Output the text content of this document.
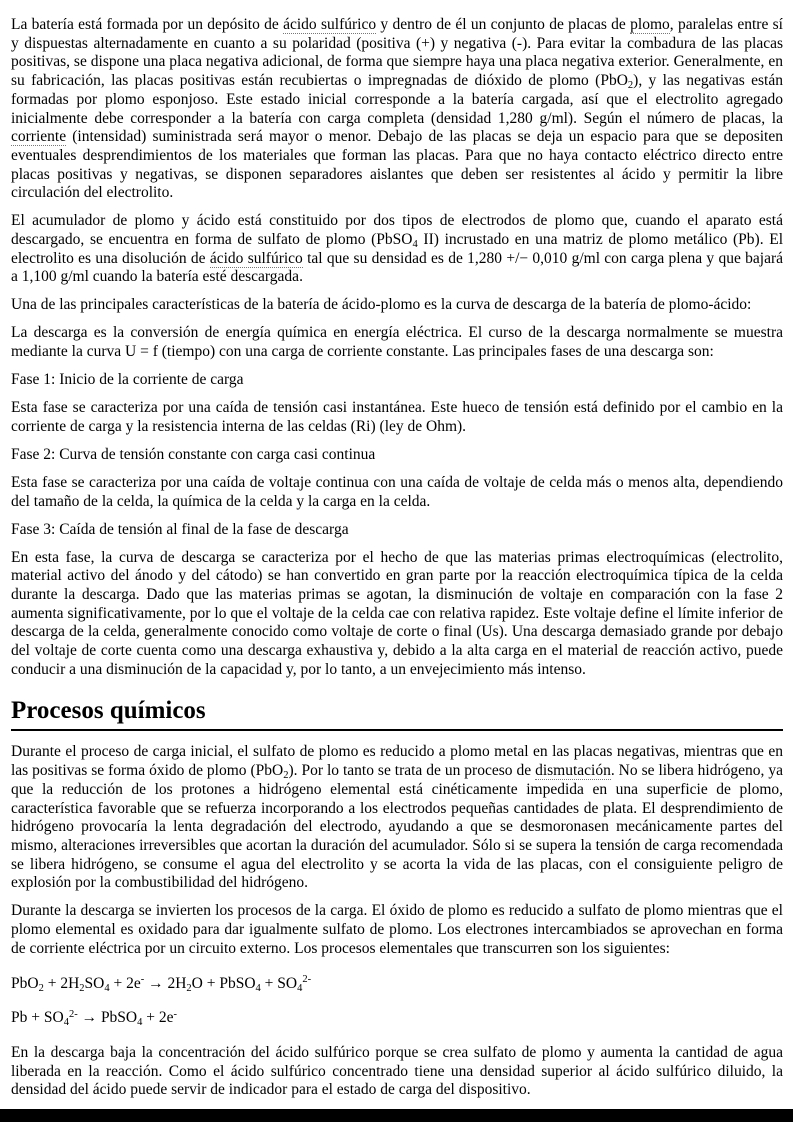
La batería está formada por un depósito de ácido sulfúrico y dentro de él un conjunto de placas de plomo, paralelas entre sí y dispuestas alternadamente en cuanto a su polaridad (positiva (+) y negativa (-). Para evitar la combadura de las placas positivas, se dispone una placa negativa adicional, de forma que siempre haya una placa negativa exterior. Generalmente, en su fabricación, las placas positivas están recubiertas o impregnadas de dióxido de plomo (PbO$_2$), y las negativas están formadas por plomo esponjoso. Este estado inicial corresponde a la batería cargada, así que el electrolito agregado inicialmente debe corresponder a la batería con carga completa (densidad 1,280 g/ml). Según el número de placas, la corriente (intensidad) suministrada será mayor o menor. Debajo de las placas se deja un espacio para que se depositen eventuales desprendimientos de los materiales que forman las placas. Para que no haya contacto eléctrico directo entre placas positivas y negativas, se disponen separadores aislantes que deben ser resistentes al ácido y permitir la libre circulación del electrolito.

El acumulador de plomo y ácido está constituido por dos tipos de electrodos de plomo que, cuando el aparato está descargado, se encuentra en forma de sulfato de plomo (PbSO$_4$ II) incrustado en una matriz de plomo metálico (Pb). El electrolito es una disolución de ácido sulfúrico tal que su densidad es de 1,280 +/− 0,010 g/ml con carga plena y que bajará a 1,100 g/ml cuando la batería esté descargada.

Una de las principales características de la batería de ácido-plomo es la curva de descarga de la batería de plomo-ácido:

La descarga es la conversión de energía química en energía eléctrica. El curso de la descarga normalmente se muestra mediante la curva U = f (tiempo) con una carga de corriente constante. Las principales fases de una descarga son:

Fase 1: Inicio de la corriente de carga

Esta fase se caracteriza por una caída de tensión casi instantánea. Este hueco de tensión está definido por el cambio en la corriente de carga y la resistencia interna de las celdas (Ri) (ley de Ohm).

Fase 2: Curva de tensión constante con carga casi continua

Esta fase se caracteriza por una caída de voltaje continua con una caída de voltaje de celda más o menos alta, dependiendo del tamaño de la celda, la química de la celda y la carga en la celda.

Fase 3: Caída de tensión al final de la fase de descarga

En esta fase, la curva de descarga se caracteriza por el hecho de que las materias primas electroquímicas (electrolito, material activo del ánodo y del cátodo) se han convertido en gran parte por la reacción electroquímica típica de la celda durante la descarga. Dado que las materias primas se agotan, la disminución de voltaje en comparación con la fase 2 aumenta significativamente, por lo que el voltaje de la celda cae con relativa rapidez. Este voltaje define el límite inferior de descarga de la celda, generalmente conocido como voltaje de corte o final (Us). Una descarga demasiado grande por debajo del voltaje de corte cuenta como una descarga exhaustiva y, debido a la alta carga en el material de reacción activo, puede conducir a una disminución de la capacidad y, por lo tanto, a un envejecimiento más intenso.

Procesos químicos

Durante el proceso de carga inicial, el sulfato de plomo es reducido a plomo metal en las placas negativas, mientras que en las positivas se forma óxido de plomo (PbO$_2$). Por lo tanto se trata de un proceso de dismutación. No se libera hidrógeno, ya que la reducción de los protones a hidrógeno elemental está cinéticamente impedida en una superficie de plomo, característica favorable que se refuerza incorporando a los electrodos pequeñas cantidades de plata. El desprendimiento de hidrógeno provocaría la lenta degradación del electrodo, ayudando a que se desmoronasen mecánicamente partes del mismo, alteraciones irreversibles que acortan la duración del acumulador. Sólo si se supera la tensión de carga recomendada se libera hidrógeno, se consume el agua del electrolito y se acorta la vida de las placas, con el consiguiente peligro de explosión por la combustibilidad del hidrógeno.

Durante la descarga se invierten los procesos de la carga. El óxido de plomo es reducido a sulfato de plomo mientras que el plomo elemental es oxidado para dar igualmente sulfato de plomo. Los electrones intercambiados se aprovechan en forma de corriente eléctrica por un circuito externo. Los procesos elementales que transcurren son los siguientes:

$PbO_2 + 2H_2SO_4 + 2e^- \to 2H_2O$ + PbSO$_4$ + $SO_4^{2-}$

$Pb + SO_4^{2-}$ → PbSO$_4$ + 2e-

En la descarga baja la concentración del ácido sulfúrico porque se crea sulfato de plomo y aumenta la cantidad de agua liberada en la reacción. Como el ácido sulfúrico concentrado tiene una densidad superior al ácido sulfúrico diluido, la densidad del ácido puede servir de indicador para el estado de carga del dispositivo.
